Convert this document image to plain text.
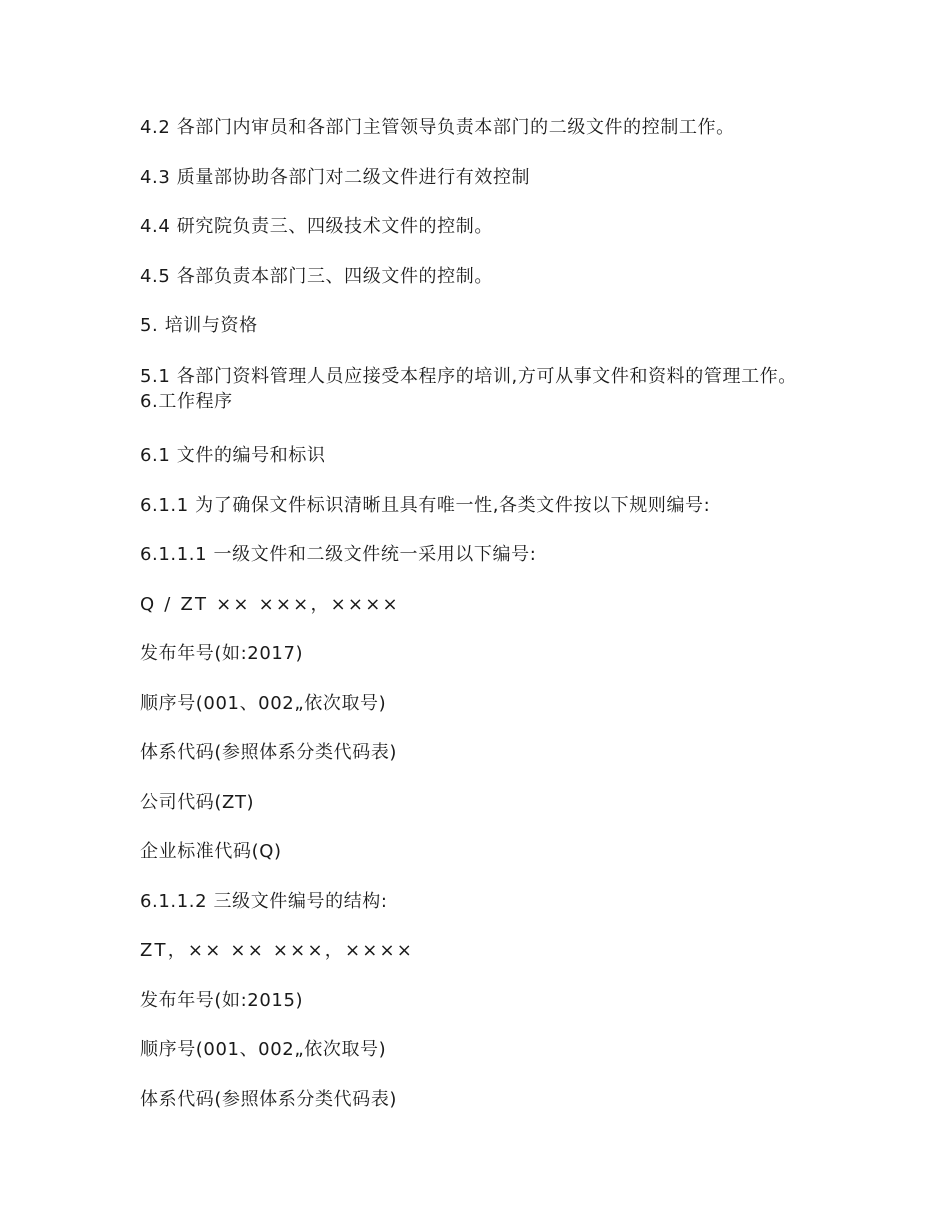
4.2 各部门内审员和各部门主管领导负责本部门的二级文件的控制工作。
4.3 质量部协助各部门对二级文件进行有效控制
4.4 研究院负责三、四级技术文件的控制。
4.5 各部负责本部门三、四级文件的控制。
5. 培训与资格
5.1 各部门资料管理人员应接受本程序的培训,方可从事文件和资料的管理工作。 6.工作程序
6.1 文件的编号和标识
6.1.1 为了确保文件标识清晰且具有唯一性,各类文件按以下规则编号:
6.1.1.1 一级文件和二级文件统一采用以下编号:
Q / ZT ×× ×××，××××
发布年号(如:2017)
顺序号(001、002„依次取号)
体系代码(参照体系分类代码表)
公司代码(ZT)
企业标准代码(Q)
6.1.1.2 三级文件编号的结构:
ZT，×× ×× ×××，××××
发布年号(如:2015)
顺序号(001、002„依次取号)
体系代码(参照体系分类代码表)
